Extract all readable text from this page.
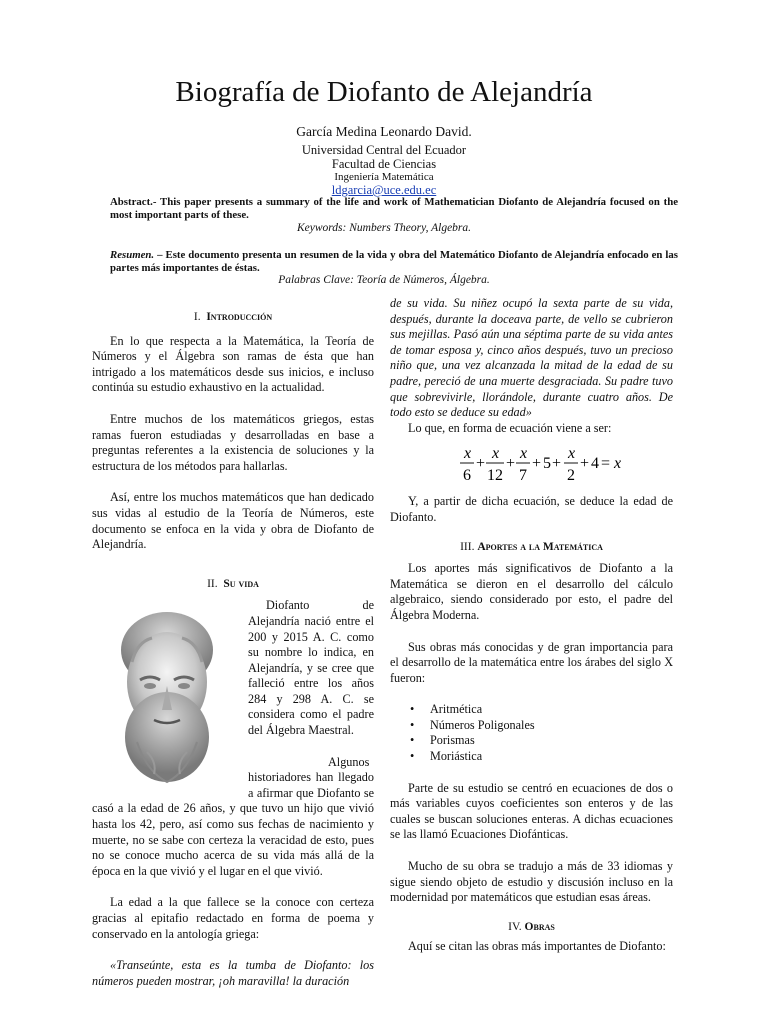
Biografía de Diofanto de Alejandría
García Medina Leonardo David.
Universidad Central del Ecuador
Facultad de Ciencias
Ingeniería Matemática
ldgarcia@uce.edu.ec
Abstract.- This paper presents a summary of the life and work of Mathematician Diofanto de Alejandría focused on the most important parts of these.
Keywords: Numbers Theory, Algebra.
Resumen. – Este documento presenta un resumen de la vida y obra del Matemático Diofanto de Alejandría enfocado en las partes más importantes de éstas.
Palabras Clave: Teoría de Números, Álgebra.

I. Introducción

En lo que respecta a la Matemática, la Teoría de Números y el Álgebra son ramas de ésta que han intrigado a los matemáticos desde sus inicios, e incluso continúa su estudio exhaustivo en la actualidad.

Entre muchos de los matemáticos griegos, estas ramas fueron estudiadas y desarrolladas en base a preguntas referentes a la existencia de soluciones y la estructura de los métodos para hallarlas.

Así, entre los muchos matemáticos que han dedicado sus vidas al estudio de la Teoría de Números, este documento se enfoca en la vida y obra de Diofanto de Alejandría.

II. Su vida

Diofanto de Alejandría nació entre el 200 y 2015 A. C. como su nombre lo indica, en Alejandría, y se cree que falleció entre los años 284 y 298 A. C. se considera como el padre del Álgebra Maestral.

Algunos historiadores han llegado a afirmar que Diofanto se casó a la edad de 26 años, y que tuvo un hijo que vivió hasta los 42, pero, así como sus fechas de nacimiento y muerte, no se sabe con certeza la veracidad de esto, pues no se conoce mucho acerca de su vida más allá de la época en la que vivió y el lugar en el que vivió.

La edad a la que fallece se la conoce con certeza gracias al epitafio redactado en forma de poema y conservado en la antología griega:

«Transeúnte, esta es la tumba de Diofanto: los números pueden mostrar, ¡oh maravilla! la duración

de su vida. Su niñez ocupó la sexta parte de su vida, después, durante la doceava parte, de vello se cubrieron sus mejillas. Pasó aún una séptima parte de su vida antes de tomar esposa y, cinco años después, tuvo un precioso niño que, una vez alcanzada la mitad de la edad de su padre, pereció de una muerte desgraciada. Su padre tuvo que sobrevivirle, llorándole, durante cuatro años. De todo esto se deduce su edad»

Lo que, en forma de ecuación viene a ser:

x
6
+
x
12
+
x
7
+ 5 +
x
2
+ 4 = x

Y, a partir de dicha ecuación, se deduce la edad de Diofanto.

III. Aportes a la Matemática

Los aportes más significativos de Diofanto a la Matemática se dieron en el desarrollo del cálculo algebraico, siendo considerado por esto, el padre del Álgebra Moderna.

Sus obras más conocidas y de gran importancia para el desarrollo de la matemática entre los árabes del siglo X fueron:

• Aritmética
• Números Poligonales
• Porismas
• Moriástica

Parte de su estudio se centró en ecuaciones de dos o más variables cuyos coeficientes son enteros y de las cuales se buscan soluciones enteras. A dichas ecuaciones se las llamó Ecuaciones Diofánticas.

Mucho de su obra se tradujo a más de 33 idiomas y sigue siendo objeto de estudio y discusión incluso en la modernidad por matemáticos que estudian esas áreas.

IV. Obras

Aquí se citan las obras más importantes de Diofanto:
